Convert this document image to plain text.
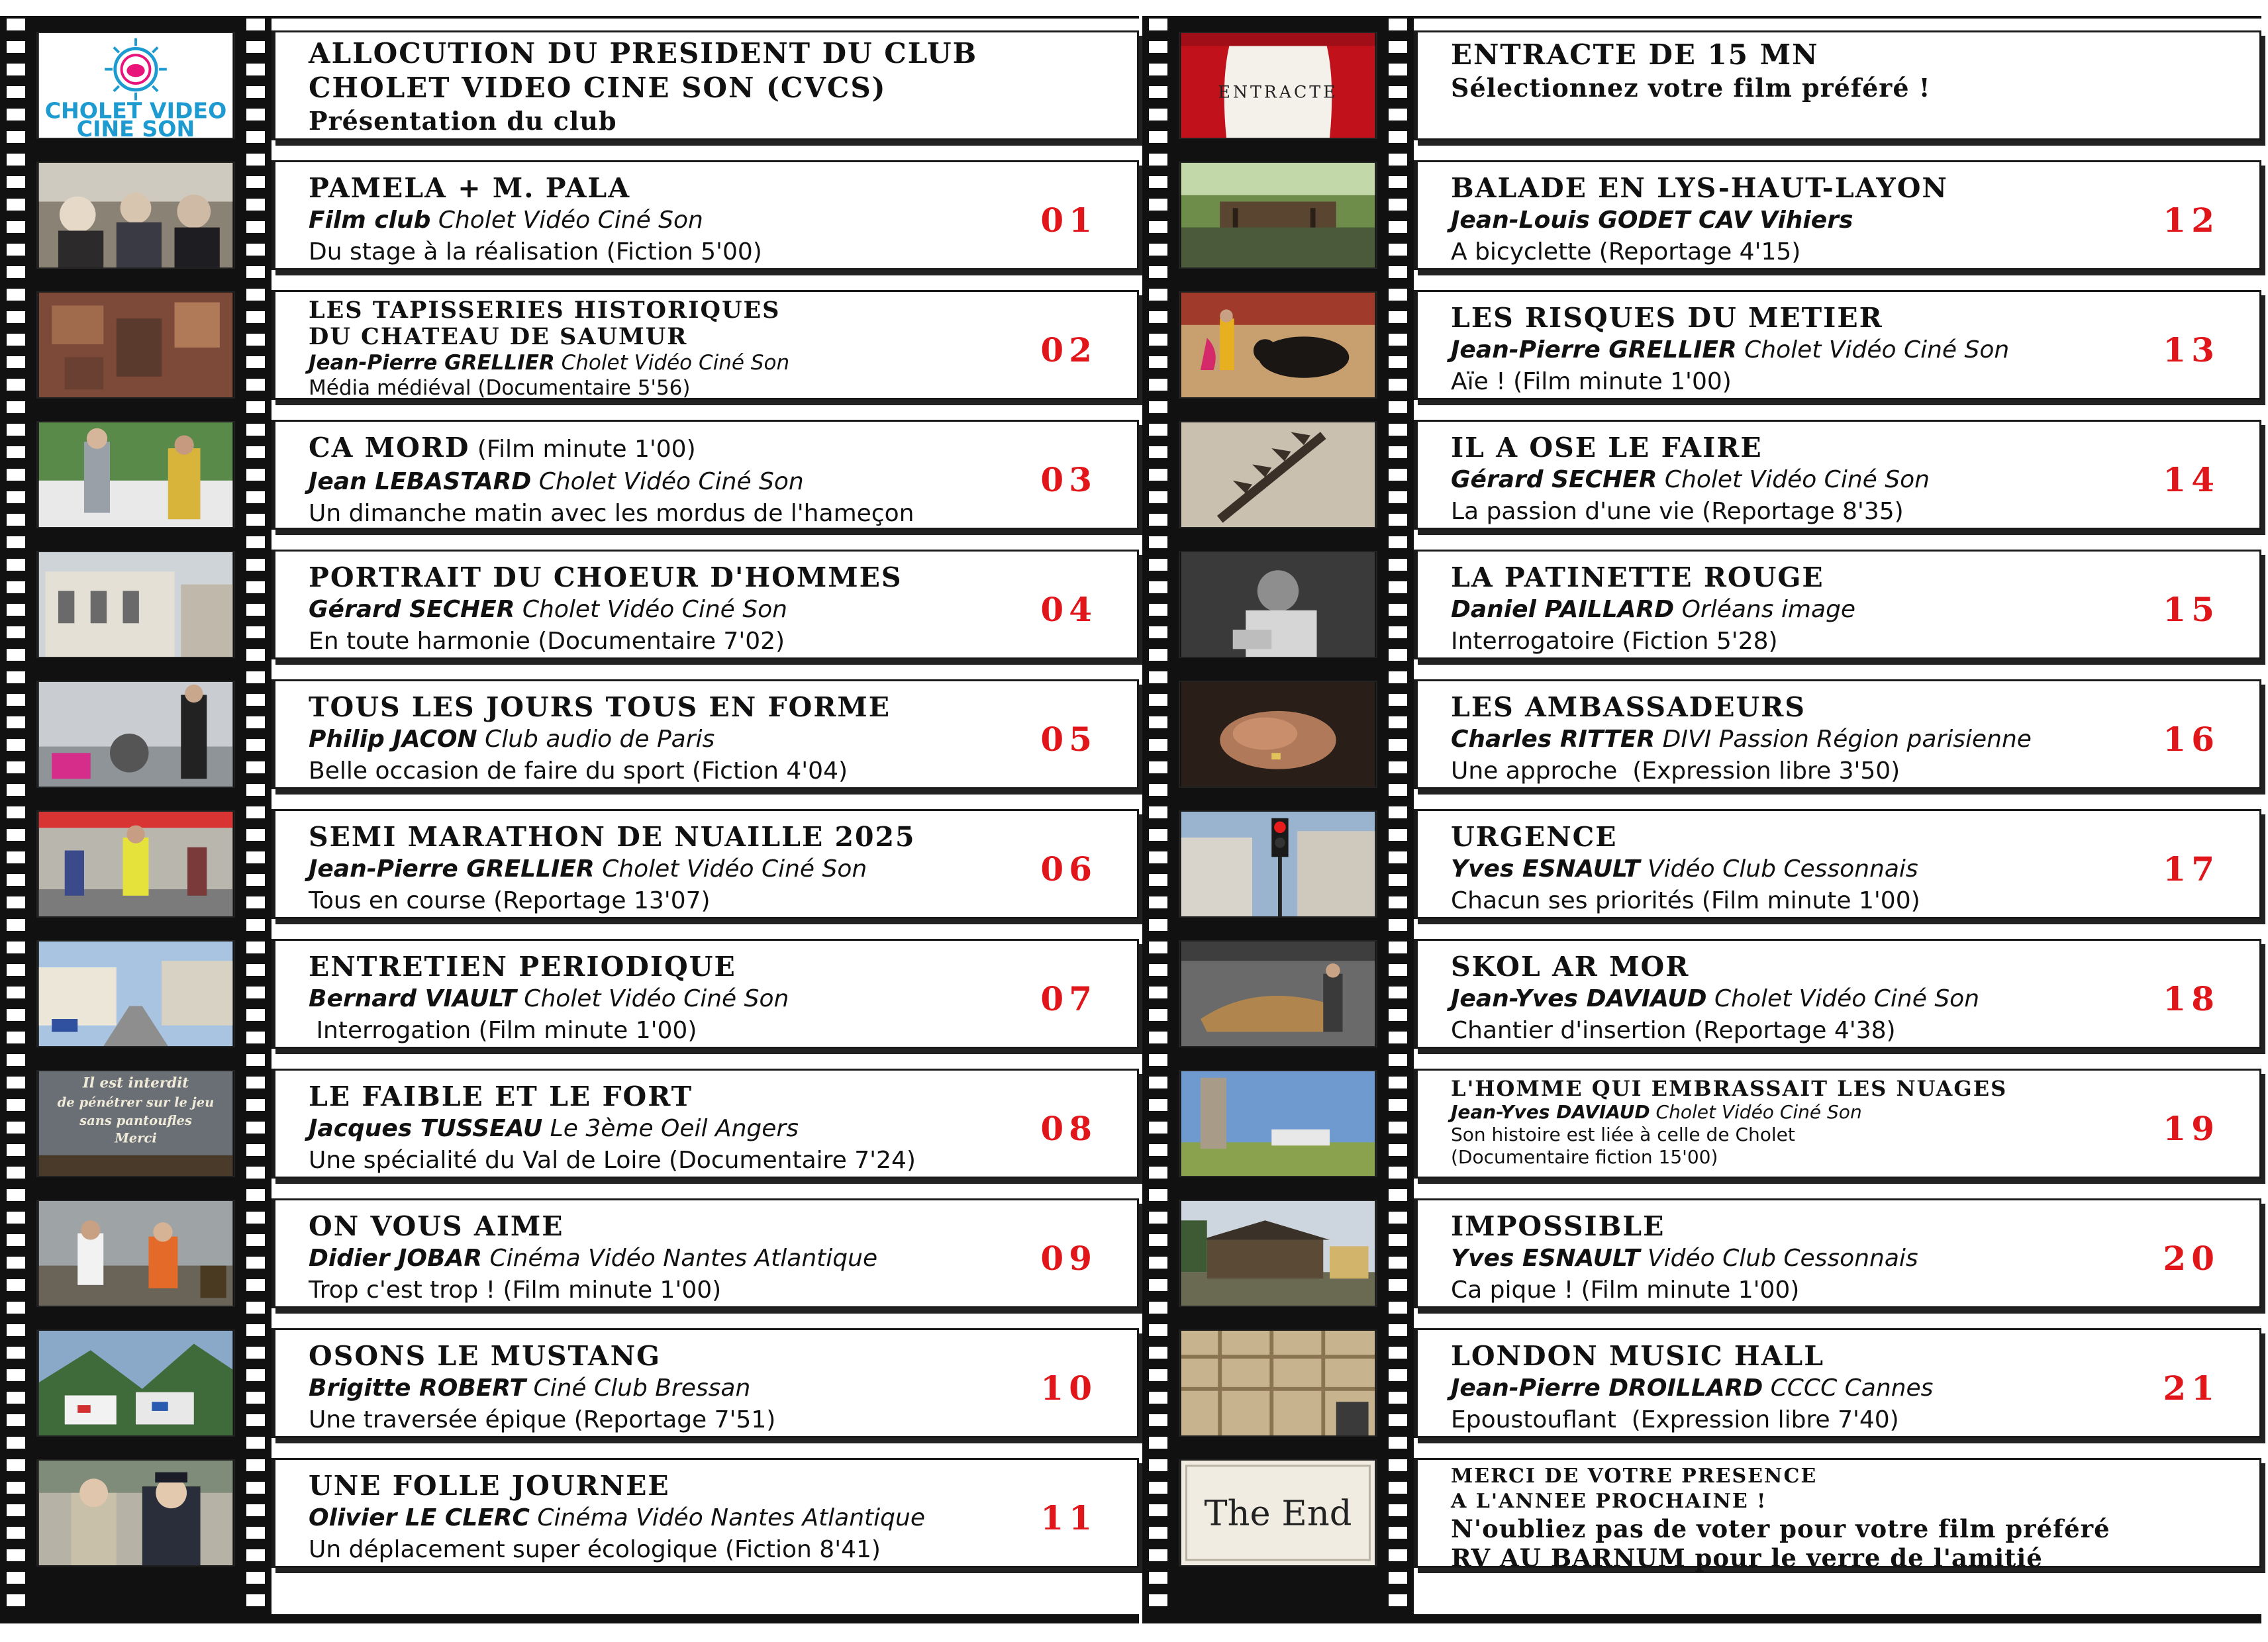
CHOLET VIDEO
CINE SON
ALLOCUTION DU PRESIDENT DU CLUB
CHOLET VIDEO CINE SON (CVCS)
Présentation du club
PAMELA + M. PALA
Film club Cholet Vidéo Ciné Son
Du stage à la réalisation (Fiction 5'00)
01
LES TAPISSERIES HISTORIQUES
DU CHATEAU DE SAUMUR
Jean-Pierre GRELLIER Cholet Vidéo Ciné Son
Média médiéval (Documentaire 5'56)
02
CA MORD (Film minute 1'00)
Jean LEBASTARD Cholet Vidéo Ciné Son
Un dimanche matin avec les mordus de l'hameçon
03
PORTRAIT DU CHOEUR D'HOMMES
Gérard SECHER Cholet Vidéo Ciné Son
En toute harmonie (Documentaire 7'02)
04
TOUS LES JOURS TOUS EN FORME
Philip JACON Club audio de Paris
Belle occasion de faire du sport (Fiction 4'04)
05
SEMI MARATHON DE NUAILLE 2025
Jean-Pierre GRELLIER Cholet Vidéo Ciné Son
Tous en course (Reportage 13'07)
06
ENTRETIEN PERIODIQUE
Bernard VIAULT Cholet Vidéo Ciné Son
Interrogation (Film minute 1'00)
07
Il est interdit
de pénétrer sur le jeu
sans pantoufles
Merci
LE FAIBLE ET LE FORT
Jacques TUSSEAU Le 3ème Oeil Angers
Une spécialité du Val de Loire (Documentaire 7'24)
08
ON VOUS AIME
Didier JOBAR Cinéma Vidéo Nantes Atlantique
Trop c'est trop ! (Film minute 1'00)
09
OSONS LE MUSTANG
Brigitte ROBERT Ciné Club Bressan
Une traversée épique (Reportage 7'51)
10
UNE FOLLE JOURNEE
Olivier LE CLERC Cinéma Vidéo Nantes Atlantique
Un déplacement super écologique (Fiction 8'41)
11
ENTRACTE
ENTRACTE DE 15 MN
Sélectionnez votre film préféré !
BALADE EN LYS-HAUT-LAYON
Jean-Louis GODET CAV Vihiers
A bicyclette (Reportage 4'15)
12
LES RISQUES DU METIER
Jean-Pierre GRELLIER Cholet Vidéo Ciné Son
Aïe ! (Film minute 1'00)
13
IL A OSE LE FAIRE
Gérard SECHER Cholet Vidéo Ciné Son
La passion d'une vie (Reportage 8'35)
14
LA PATINETTE ROUGE
Daniel PAILLARD Orléans image
Interrogatoire (Fiction 5'28)
15
LES AMBASSADEURS
Charles RITTER DIVI Passion Région parisienne
Une approche  (Expression libre 3'50)
16
URGENCE
Yves ESNAULT Vidéo Club Cessonnais
Chacun ses priorités (Film minute 1'00)
17
SKOL AR MOR
Jean-Yves DAVIAUD Cholet Vidéo Ciné Son
Chantier d'insertion (Reportage 4'38)
18
L'HOMME QUI EMBRASSAIT LES NUAGES
Jean-Yves DAVIAUD Cholet Vidéo Ciné Son
Son histoire est liée à celle de Cholet
(Documentaire fiction 15'00)
19
IMPOSSIBLE
Yves ESNAULT Vidéo Club Cessonnais
Ca pique ! (Film minute 1'00)
20
LONDON MUSIC HALL
Jean-Pierre DROILLARD CCCC Cannes
Epoustouflant  (Expression libre 7'40)
21
The End
MERCI DE VOTRE PRESENCE
A L'ANNEE PROCHAINE !
N'oubliez pas de voter pour votre film préféré
RV AU BARNUM pour le verre de l'amitié
